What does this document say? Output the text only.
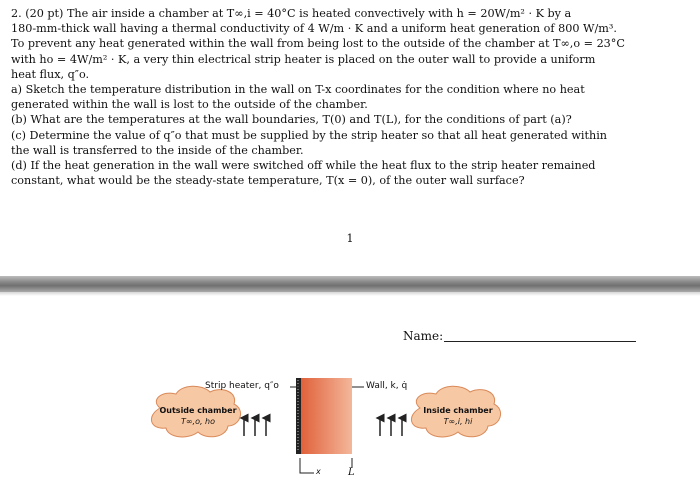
2. (20 pt) The air inside a chamber at T∞,i = 40°C is heated convectively with h = 20W/m² · K by a

180-mm-thick wall having a thermal conductivity of 4 W/m · K and a uniform heat generation of 800 W/m³.

To prevent any heat generated within the wall from being lost to the outside of the chamber at T∞,o = 23°C

with ho = 4W/m² · K, a very thin electrical strip heater is placed on the outer wall to provide a uniform

heat flux, q″o.

a) Sketch the temperature distribution in the wall on T-x coordinates for the condition where no heat

generated within the wall is lost to the outside of the chamber.

(b) What are the temperatures at the wall boundaries, T(0) and T(L), for the conditions of part (a)?

(c) Determine the value of q″o that must be supplied by the strip heater so that all heat generated within

the wall is transferred to the inside of the chamber.

(d) If the heat generation in the wall were switched off while the heat flux to the strip heater remained

constant, what would be the steady-state temperature, T(x = 0), of the outer wall surface?

1
Name:
Strip heater, q″o	Wall, k, q̇
Outside chamber
T∞,o, ho
Inside chamber
T∞,i, hi
x	L
